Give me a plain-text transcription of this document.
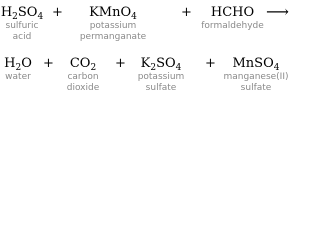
$H_2SO_4$
sulfuric
acid
+ KMnO$_4$
potassium
permanganate
+ HCHO
formaldehyde
⟶
$H_2O$
water
+ $CO_2$
carbon
dioxide
+ $K_2SO_4$
potassium
sulfate
+ MnSO$_4$
manganese(II)
sulfate
